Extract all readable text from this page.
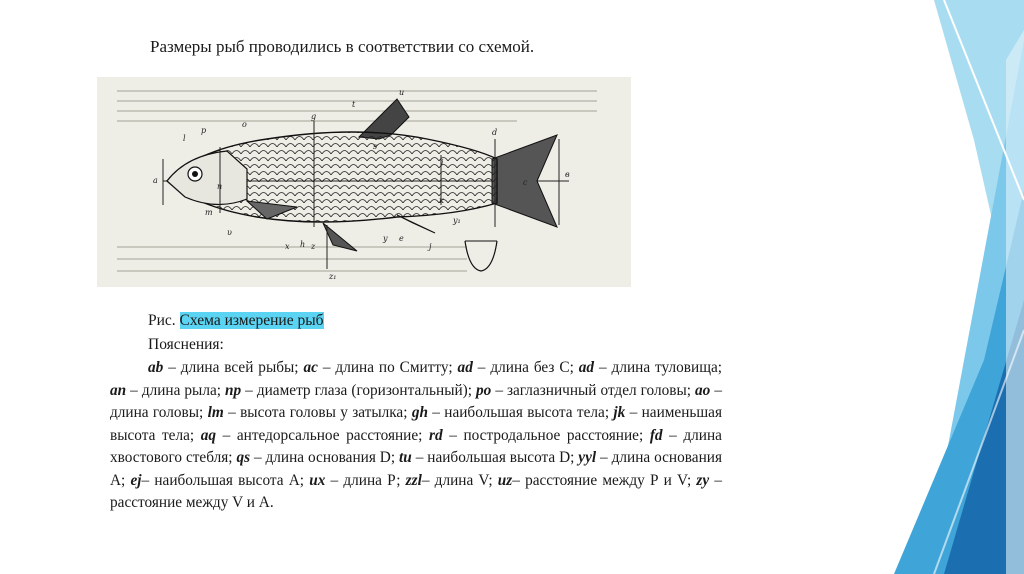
Размеры рыб проводились в соответствии со схемой.
a
l
p
o
g
t
u
s
d
i
c
в
m
n
к
y₁
j
e
y
z
h
x
υ
z₁
Рис. Схема измерение рыб
Пояснения:

ab – длина всей рыбы; ac – длина по Смитту; ad – длина без С; ad – длина туловища; an – длина рыла; np – диаметр глаза (горизонтальный); po – заглазничный отдел головы; ao – длина головы; lm – высота головы у затылка; gh – наибольшая высота тела; jk – наименьшая высота тела; aq – антедорсальное расстояние; rd – постродальное расстояние; fd – длина хвостового стебля; qs – длина основания D; tu – наибольшая высота D; yyl – длина основания А; ej– наибольшая высота А; ux – длина Р; zzl– длина V; uz– расстояние между Р и V; zy – расстояние между V и А.
